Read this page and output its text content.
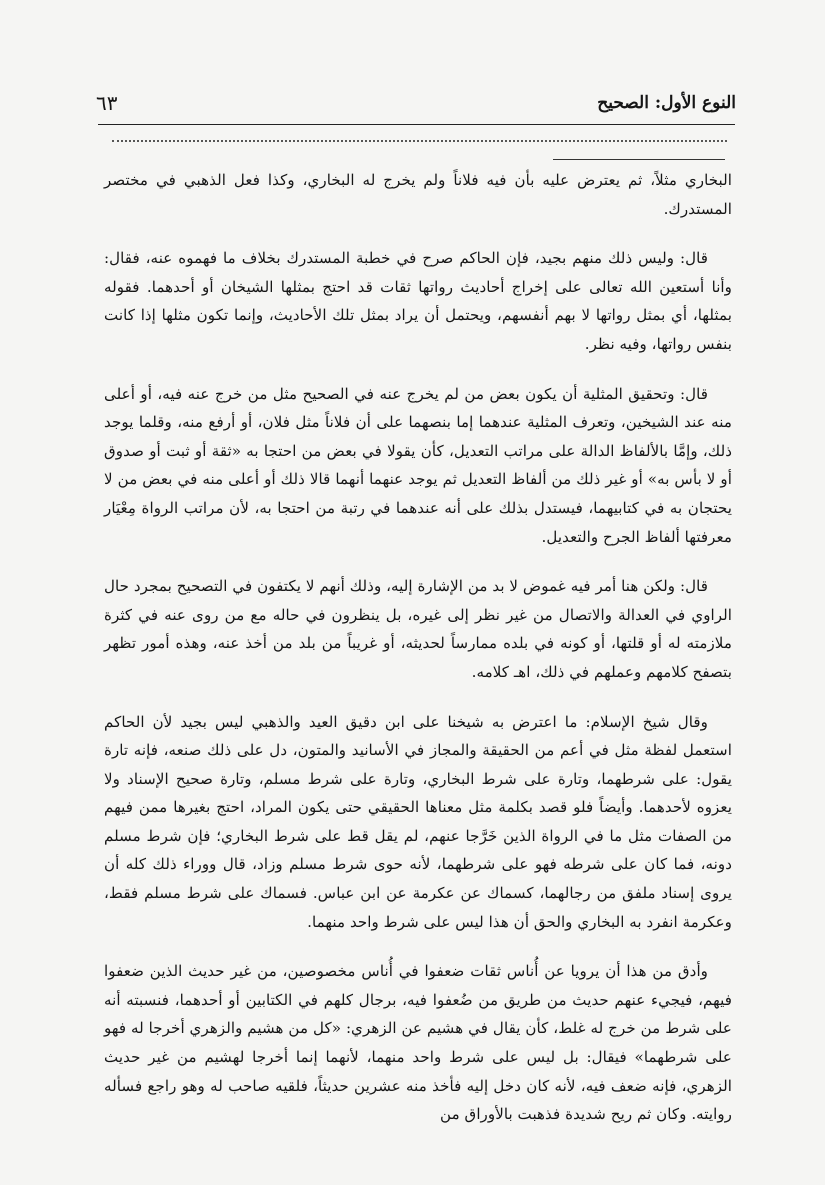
٦٣	النوع الأول: الصحيح

البخاري مثلاً، ثم يعترض عليه بأن فيه فلاناً ولم يخرج له البخاري، وكذا فعل الذهبي في مختصر المستدرك.

قال: وليس ذلك منهم بجيد، فإن الحاكم صرح في خطبة المستدرك بخلاف ما فهموه عنه، فقال: وأنا أستعين الله تعالى على إخراج أحاديث رواتها ثقات قد احتج بمثلها الشيخان أو أحدهما. فقوله بمثلها، أي بمثل رواتها لا بهم أنفسهم، ويحتمل أن يراد بمثل تلك الأحاديث، وإنما تكون مثلها إذا كانت بنفس رواتها، وفيه نظر.

قال: وتحقيق المثلية أن يكون بعض من لم يخرج عنه في الصحيح مثل من خرج عنه فيه، أو أعلى منه عند الشيخين، وتعرف المثلية عندهما إما بنصهما على أن فلاناً مثل فلان، أو أرفع منه، وقلما يوجد ذلك، وإمَّا بالألفاظ الدالة على مراتب التعديل، كأن يقولا في بعض من احتجا به «ثقة أو ثبت أو صدوق أو لا بأس به» أو غير ذلك من ألفاظ التعديل ثم يوجد عنهما أنهما قالا ذلك أو أعلى منه في بعض من لا يحتجان به في كتابيهما، فيستدل بذلك على أنه عندهما في رتبة من احتجا به، لأن مراتب الرواة مِعْيَار معرفتها ألفاظ الجرح والتعديل.

قال: ولكن هنا أمر فيه غموض لا بد من الإشارة إليه، وذلك أنهم لا يكتفون في التصحيح بمجرد حال الراوي في العدالة والاتصال من غير نظر إلى غيره، بل ينظرون في حاله مع من روى عنه في كثرة ملازمته له أو قلتها، أو كونه في بلده ممارساً لحديثه، أو غريباً من بلد من أخذ عنه، وهذه أمور تظهر بتصفح كلامهم وعملهم في ذلك، اهـ كلامه.

وقال شيخ الإسلام: ما اعترض به شيخنا على ابن دقيق العيد والذهبي ليس بجيد لأن الحاكم استعمل لفظة مثل في أعم من الحقيقة والمجاز في الأسانيد والمتون، دل على ذلك صنعه، فإنه تارة يقول: على شرطهما، وتارة على شرط البخاري، وتارة على شرط مسلم، وتارة صحيح الإسناد ولا يعزوه لأحدهما. وأيضاً فلو قصد بكلمة مثل معناها الحقيقي حتى يكون المراد، احتج بغيرها ممن فيهم من الصفات مثل ما في الرواة الذين خَرَّجا عنهم، لم يقل قط على شرط البخاري؛ فإن شرط مسلم دونه، فما كان على شرطه فهو على شرطهما، لأنه حوى شرط مسلم وزاد، قال ووراء ذلك كله أن يروى إسناد ملفق من رجالهما، كسماك عن عكرمة عن ابن عباس. فسماك على شرط مسلم فقط، وعكرمة انفرد به البخاري والحق أن هذا ليس على شرط واحد منهما.

وأدق من هذا أن يرويا عن أُناس ثقات ضعفوا في أُناس مخصوصين، من غير حديث الذين ضعفوا فيهم، فيجيء عنهم حديث من طريق من ضُعفوا فيه، برجال كلهم في الكتابين أو أحدهما، فنسبته أنه على شرط من خرج له غلط، كأن يقال في هشيم عن الزهري: «كل من هشيم والزهري أخرجا له فهو على شرطهما» فيقال: بل ليس على شرط واحد منهما، لأنهما إنما أخرجا لهشيم من غير حديث الزهري، فإنه ضعف فيه، لأنه كان دخل إليه فأخذ منه عشرين حديثاً، فلقيه صاحب له وهو راجع فسأله روايته. وكان ثم ريح شديدة فذهبت بالأوراق من
